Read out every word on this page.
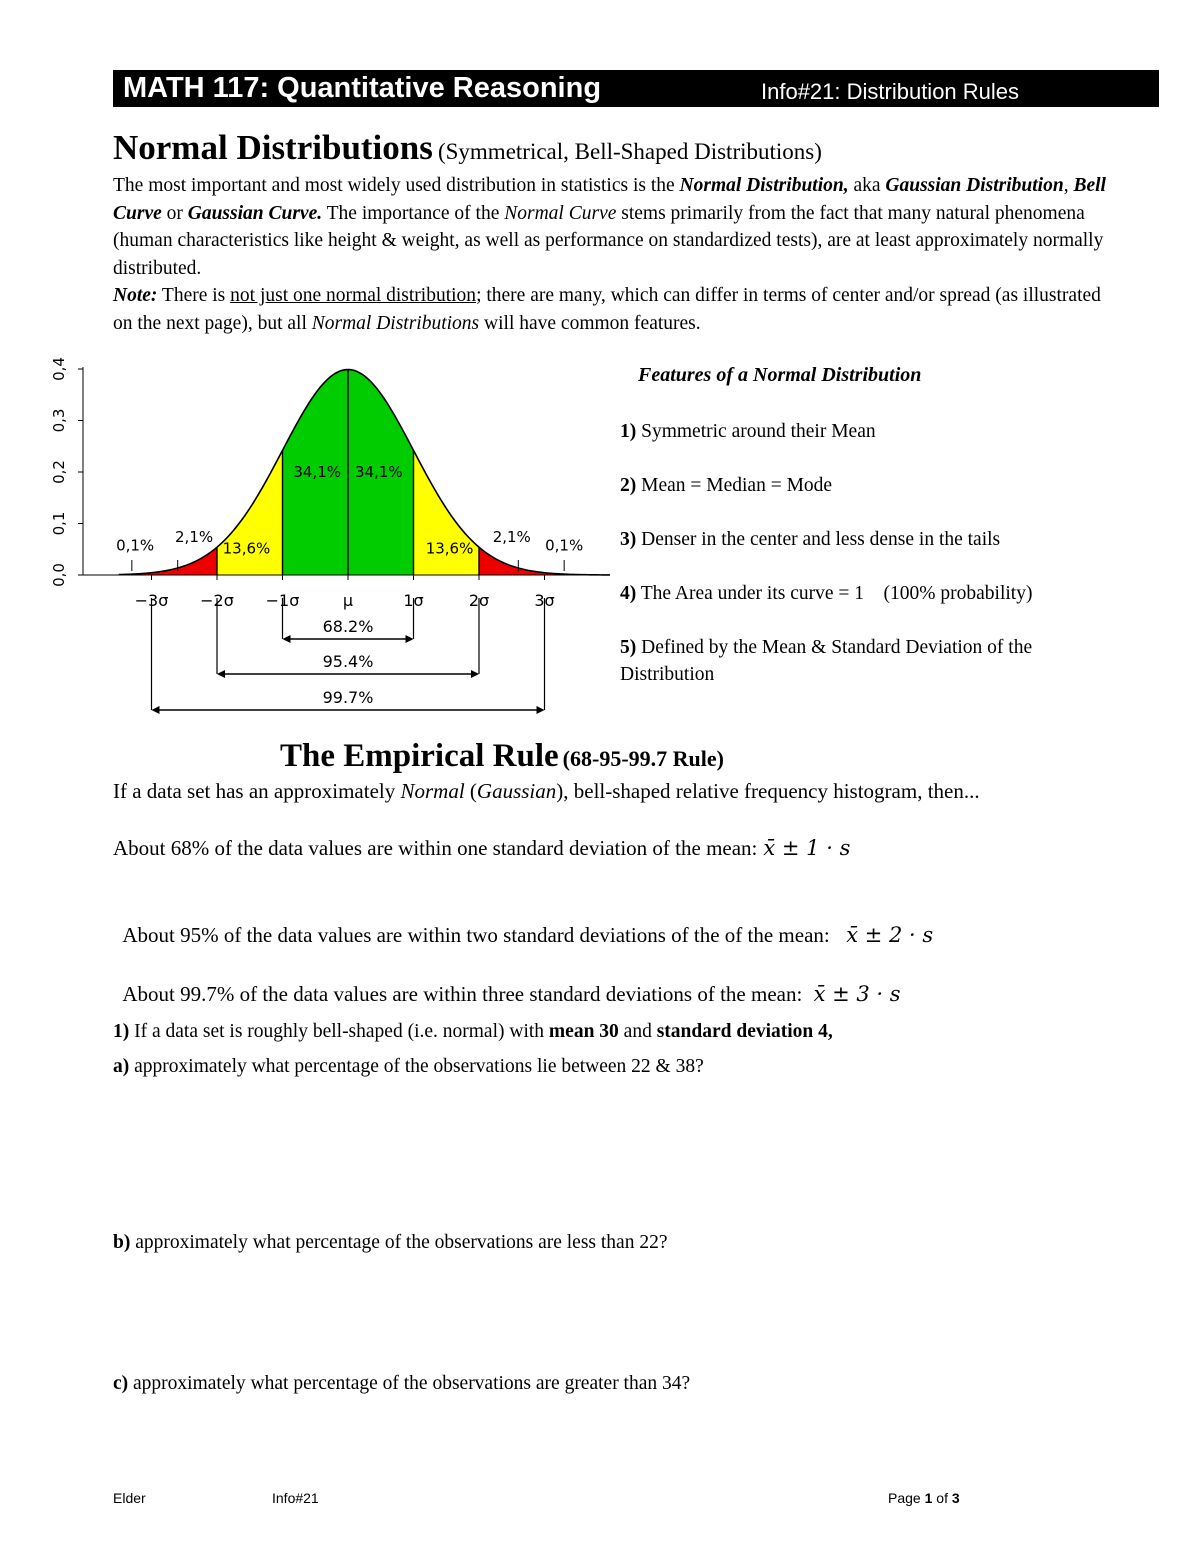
MATH 117: Quantitative Reasoning	Info#21: Distribution Rules
Normal Distributions (Symmetrical, Bell-Shaped Distributions)
The most important and most widely used distribution in statistics is the Normal Distribution, aka Gaussian Distribution, Bell Curve or Gaussian Curve. The importance of the Normal Curve stems primarily from the fact that many natural phenomena (human characteristics like height & weight, as well as performance on standardized tests), are at least approximately normally distributed.
Note: There is not just one normal distribution; there are many, which can differ in terms of center and/or spread (as illustrated on the next page), but all Normal Distributions will have common features.
0,0
0,1
0,2
0,3
0,4
−3σ −2σ −1σ	μ	1σ	2σ	3σ
13,6%
34,1% 34,1%
13,6%
2,1%	2,1%
0,1%	0,1%
68.2%
95.4%
99.7%
Features of a Normal Distribution
1) Symmetric around their Mean
2) Mean = Median = Mode
3) Denser in the center and less dense in the tails
4) The Area under its curve = 1    (100% probability)
5) Defined by the Mean & Standard Deviation of the Distribution
The Empirical Rule (68-95-99.7 Rule)
If a data set has an approximately Normal (Gaussian), bell-shaped relative frequency histogram, then...
About 68% of the data values are within one standard deviation of the mean: x̄ ± 1 · s

About 95% of the data values are within two standard deviations of the of the mean:  x̄ ± 2 · s

About 99.7% of the data values are within three standard deviations of the mean: x̄ ± 3 · s

1) If a data set is roughly bell-shaped (i.e. normal) with mean 30 and standard deviation 4,
a) approximately what percentage of the observations lie between 22 & 38?
b) approximately what percentage of the observations are less than 22?
c) approximately what percentage of the observations are greater than 34?
Elder	Info#21	Page 1 of 3
